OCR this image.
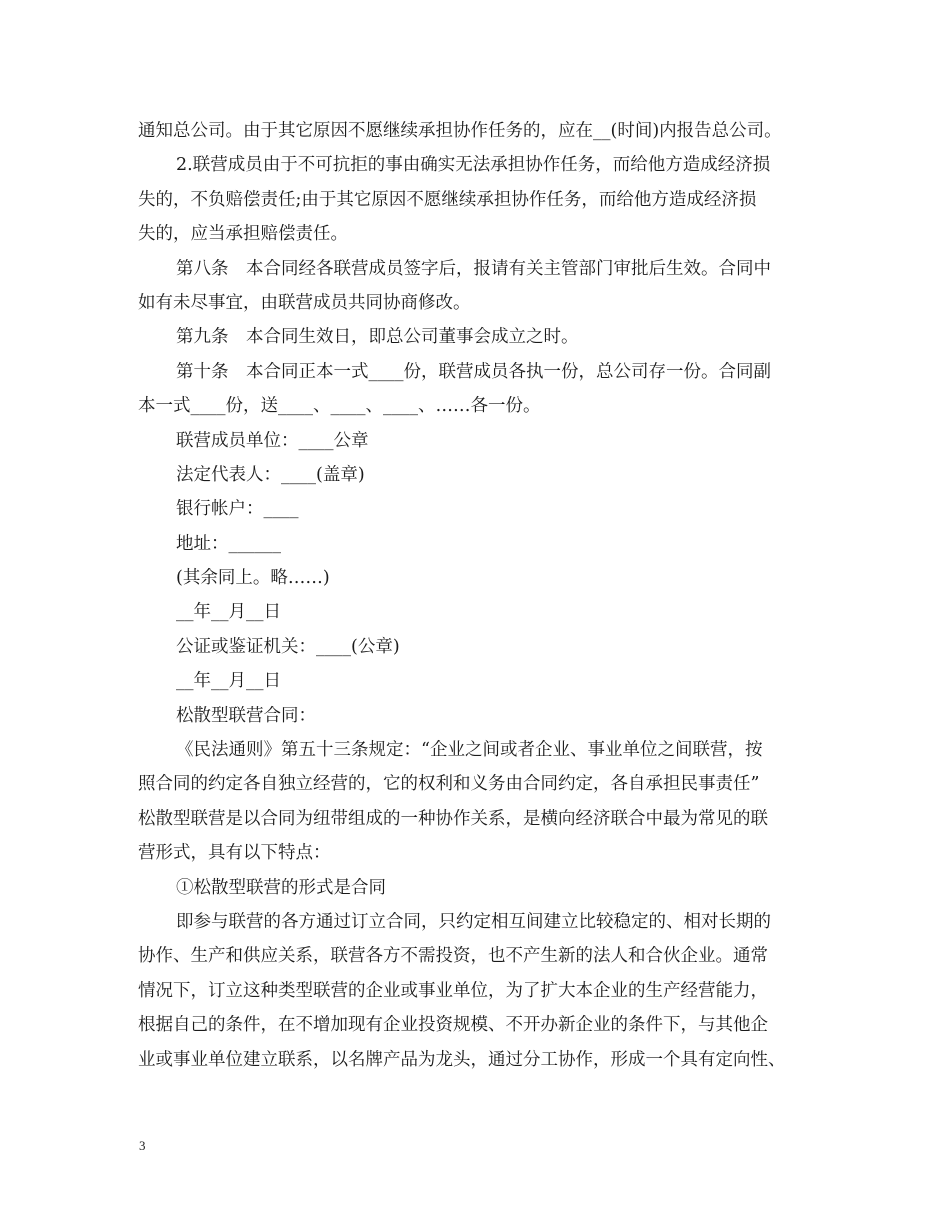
通知总公司。由于其它原因不愿继续承担协作任务的，应在__(时间)内报告总公司。
2.联营成员由于不可抗拒的事由确实无法承担协作任务，而给他方造成经济损
失的，不负赔偿责任;由于其它原因不愿继续承担协作任务，而给他方造成经济损
失的，应当承担赔偿责任。
第八条　本合同经各联营成员签字后，报请有关主管部门审批后生效。合同中
如有未尽事宜，由联营成员共同协商修改。
第九条　本合同生效日，即总公司董事会成立之时。
第十条　本合同正本一式____份，联营成员各执一份，总公司存一份。合同副
本一式____份，送____、____、____、……各一份。
联营成员单位：____公章
法定代表人：____(盖章)
银行帐户：____
地址：______
(其余同上。略……)
__年__月__日
公证或鉴证机关：____(公章)
__年__月__日
松散型联营合同：
《民法通则》第五十三条规定：“企业之间或者企业、事业单位之间联营，按
照合同的约定各自独立经营的，它的权利和义务由合同约定，各自承担民事责任”
松散型联营是以合同为纽带组成的一种协作关系，是横向经济联合中最为常见的联
营形式，具有以下特点：
①松散型联营的形式是合同
即参与联营的各方通过订立合同，只约定相互间建立比较稳定的、相对长期的
协作、生产和供应关系，联营各方不需投资，也不产生新的法人和合伙企业。通常
情况下，订立这种类型联营的企业或事业单位，为了扩大本企业的生产经营能力，
根据自己的条件，在不增加现有企业投资规模、不开办新企业的条件下，与其他企
业或事业单位建立联系，以名牌产品为龙头，通过分工协作，形成一个具有定向性、
3
